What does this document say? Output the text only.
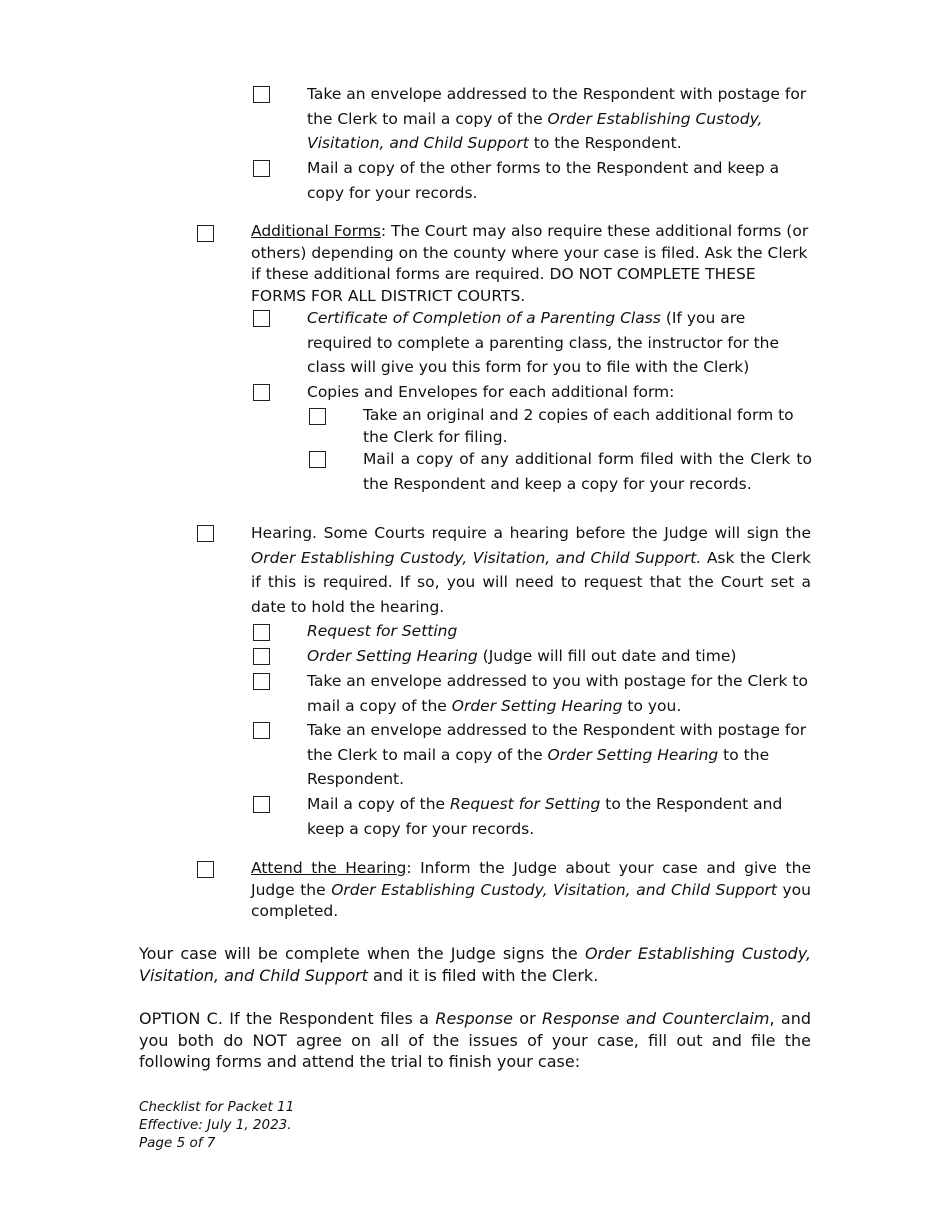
Take an envelope addressed to the Respondent with postage for the Clerk to mail a copy of the Order Establishing Custody, Visitation, and Child Support to the Respondent.
Mail a copy of the other forms to the Respondent and keep a copy for your records.
Additional Forms: The Court may also require these additional forms (or others) depending on the county where your case is filed. Ask the Clerk if these additional forms are required. DO NOT COMPLETE THESE FORMS FOR ALL DISTRICT COURTS.
Certificate of Completion of a Parenting Class (If you are required to complete a parenting class, the instructor for the class will give you this form for you to file with the Clerk)
Copies and Envelopes for each additional form:
Take an original and 2 copies of each additional form to the Clerk for filing.
Mail a copy of any additional form filed with the Clerk to the Respondent and keep a copy for your records.
Hearing. Some Courts require a hearing before the Judge will sign the Order Establishing Custody, Visitation, and Child Support. Ask the Clerk if this is required. If so, you will need to request that the Court set a date to hold the hearing.
Request for Setting
Order Setting Hearing (Judge will fill out date and time)
Take an envelope addressed to you with postage for the Clerk to mail a copy of the Order Setting Hearing to you.
Take an envelope addressed to the Respondent with postage for the Clerk to mail a copy of the Order Setting Hearing to the Respondent.
Mail a copy of the Request for Setting to the Respondent and keep a copy for your records.
Attend the Hearing: Inform the Judge about your case and give the Judge the Order Establishing Custody, Visitation, and Child Support you completed.
Your case will be complete when the Judge signs the Order Establishing Custody, Visitation, and Child Support and it is filed with the Clerk.
OPTION C. If the Respondent files a Response or Response and Counterclaim, and you both do NOT agree on all of the issues of your case, fill out and file the following forms and attend the trial to finish your case:
Checklist for Packet 11
Effective: July 1, 2023.
Page 5 of 7
